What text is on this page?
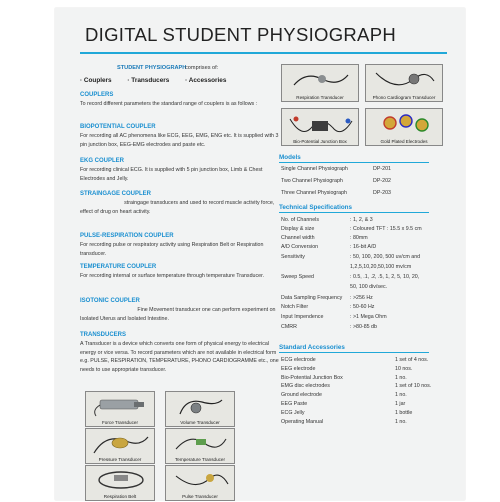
DIGITAL STUDENT PHYSIOGRAPH
STUDENT PHYSIOGRAPH
comprises of:
· Couplers · Transducers · Accessories
COUPLERS
To record different parameters the standard range of couplers is as follows :
BIOPOTENTIAL COUPLER
For recording all AC phenomena like ECG, EEG, EMG, ENG etc. It is supplied with 3 pin junction box, EEG-EMG electrodes and paste etc.
EKG COUPLER
For recording clinical ECG. It is supplied with 5 pin junction box, Limb & Chest Electrodes and Jelly.
STRAINGAGE COUPLER
straingage transducers and used to record muscle activity force, effect of drug on heart activity.
PULSE-RESPIRATION COUPLER
For recording pulse or respiratory activity using Respiration Belt or Respiration transducer.
TEMPERATURE COUPLER
For recording internal or surface temperature through temperature Transducer.
ISOTONIC COUPLER
Fine Movement transducer one can perform experiment on Isolated Uterus and Isolated Intestine.
TRANSDUCERS
A Transducer is a device which converts one form of physical energy to electrical energy or vice versa. To record parameters which are not available in electrical form e.g. PULSE, RESPIRATION, TEMPERATURE, PHONO CARDIOGRAMME etc., one needs to use appropriate transducer.
Force Transducer	Volume Transducer
Pressure Transducer	Temperature Transducer
Respiration Belt	Pulse Transducer
Respiration Transducer	Phono Cardiogram Transducer
Bio-Potential Junction Box	Gold Plated Electrodes
Models
Single Channel Physiograph	DP-201
Two Channel Physiograph	DP-202
Three Channel Physiograph	DP-203
Technical Specifications
No. of Channels	: 1, 2, & 3
Display & size	: Coloured TFT : 15.5 x 9.5 cm
Channel width	: 80mm
A/D Conversion	: 16-bit A/D
Sensitivity	: 50, 100, 200, 500 uv/cm and
1,2,5,10,20,50,100 mv/cm
Sweep Speed	: 0.5, .1, .2, .5, 1, 2, 5, 10, 20,
50, 100 div/sec.
Data Sampling Frequency : >256 Hz
Notch Filter	: 50-60 Hz
Input Impendence	: >1 Mega Ohm
CMRR	: >80-85 db
Standard Accessories
ECG electrode	1 set of 4 nos.
EEG electrode	10 nos.
Bio-Potential Junction Box	1 no.
EMG disc electrodes	1 set of 10 nos.
Ground electrode	1 no.
EEG Paste	1 jar
ECG Jelly	1 bottle
Operating Manual	1 no.
